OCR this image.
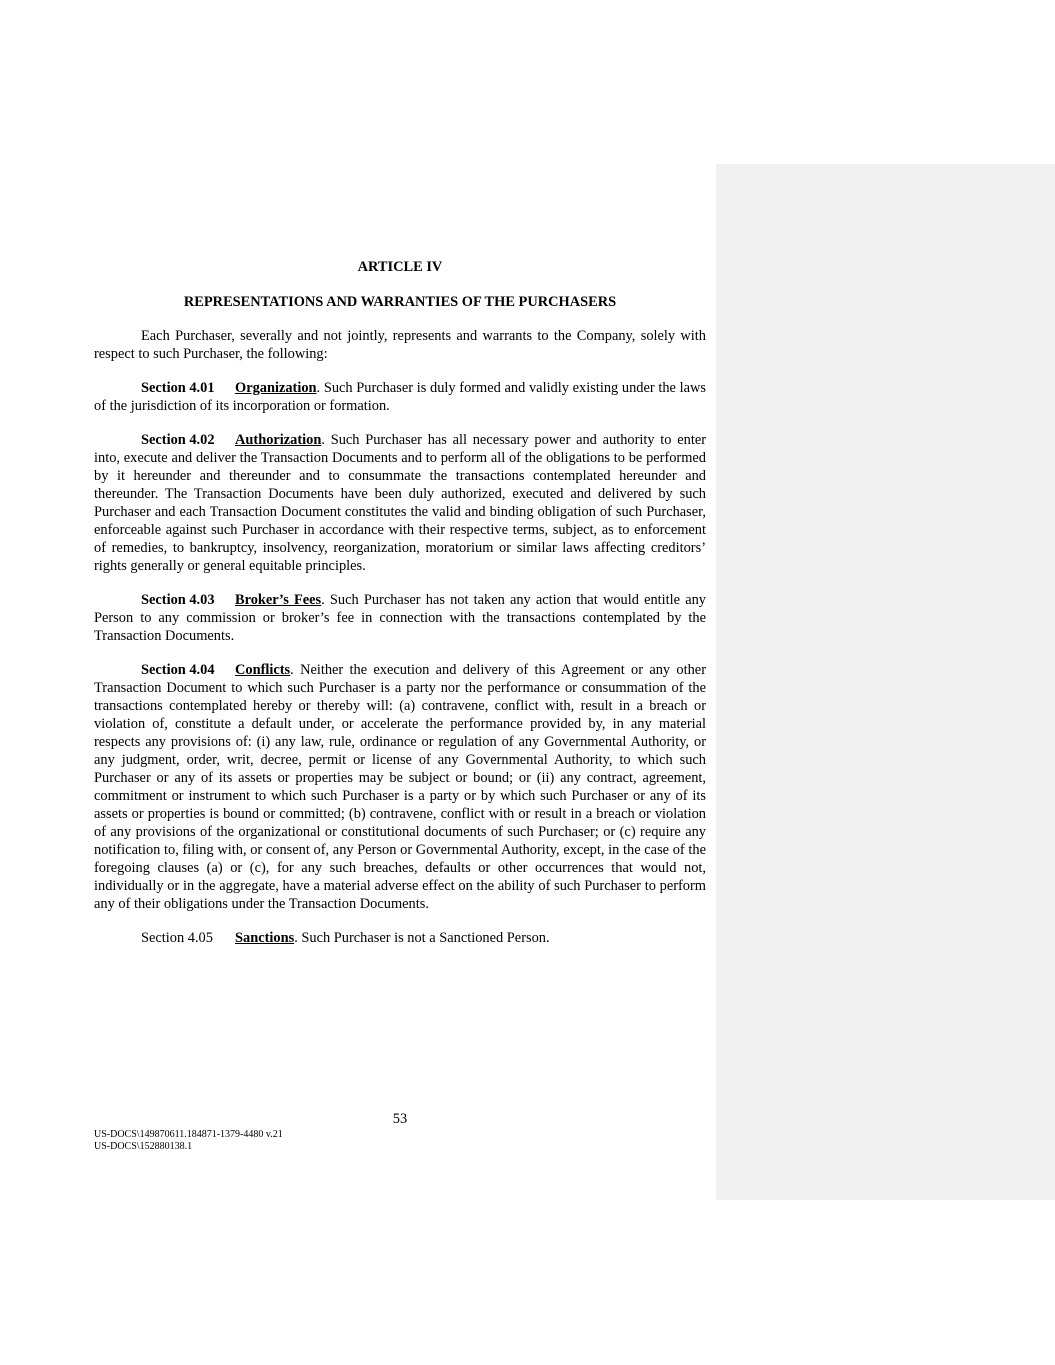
ARTICLE IV

REPRESENTATIONS AND WARRANTIES OF THE PURCHASERS

Each Purchaser, severally and not jointly, represents and warrants to the Company, solely with respect to such Purchaser, the following:

Section 4.01 Organization. Such Purchaser is duly formed and validly existing under the laws of the jurisdiction of its incorporation or formation.

Section 4.02 Authorization. Such Purchaser has all necessary power and authority to enter into, execute and deliver the Transaction Documents and to perform all of the obligations to be performed by it hereunder and thereunder and to consummate the transactions contemplated hereunder and thereunder. The Transaction Documents have been duly authorized, executed and delivered by such Purchaser and each Transaction Document constitutes the valid and binding obligation of such Purchaser, enforceable against such Purchaser in accordance with their respective terms, subject, as to enforcement of remedies, to bankruptcy, insolvency, reorganization, moratorium or similar laws affecting creditors’ rights generally or general equitable principles.

Section 4.03 Broker’s Fees. Such Purchaser has not taken any action that would entitle any Person to any commission or broker’s fee in connection with the transactions contemplated by the Transaction Documents.

Section 4.04 Conflicts. Neither the execution and delivery of this Agreement or any other Transaction Document to which such Purchaser is a party nor the performance or consummation of the transactions contemplated hereby or thereby will: (a) contravene, conflict with, result in a breach or violation of, constitute a default under, or accelerate the performance provided by, in any material respects any provisions of: (i) any law, rule, ordinance or regulation of any Governmental Authority, or any judgment, order, writ, decree, permit or license of any Governmental Authority, to which such Purchaser or any of its assets or properties may be subject or bound; or (ii) any contract, agreement, commitment or instrument to which such Purchaser is a party or by which such Purchaser or any of its assets or properties is bound or committed; (b) contravene, conflict with or result in a breach or violation of any provisions of the organizational or constitutional documents of such Purchaser; or (c) require any notification to, filing with, or consent of, any Person or Governmental Authority, except, in the case of the foregoing clauses (a) or (c), for any such breaches, defaults or other occurrences that would not, individually or in the aggregate, have a material adverse effect on the ability of such Purchaser to perform any of their obligations under the Transaction Documents.

Section 4.05 Sanctions. Such Purchaser is not a Sanctioned Person.

53
US-DOCS\149870611.184871-1379-4480 v.21
US-DOCS\152880138.1
